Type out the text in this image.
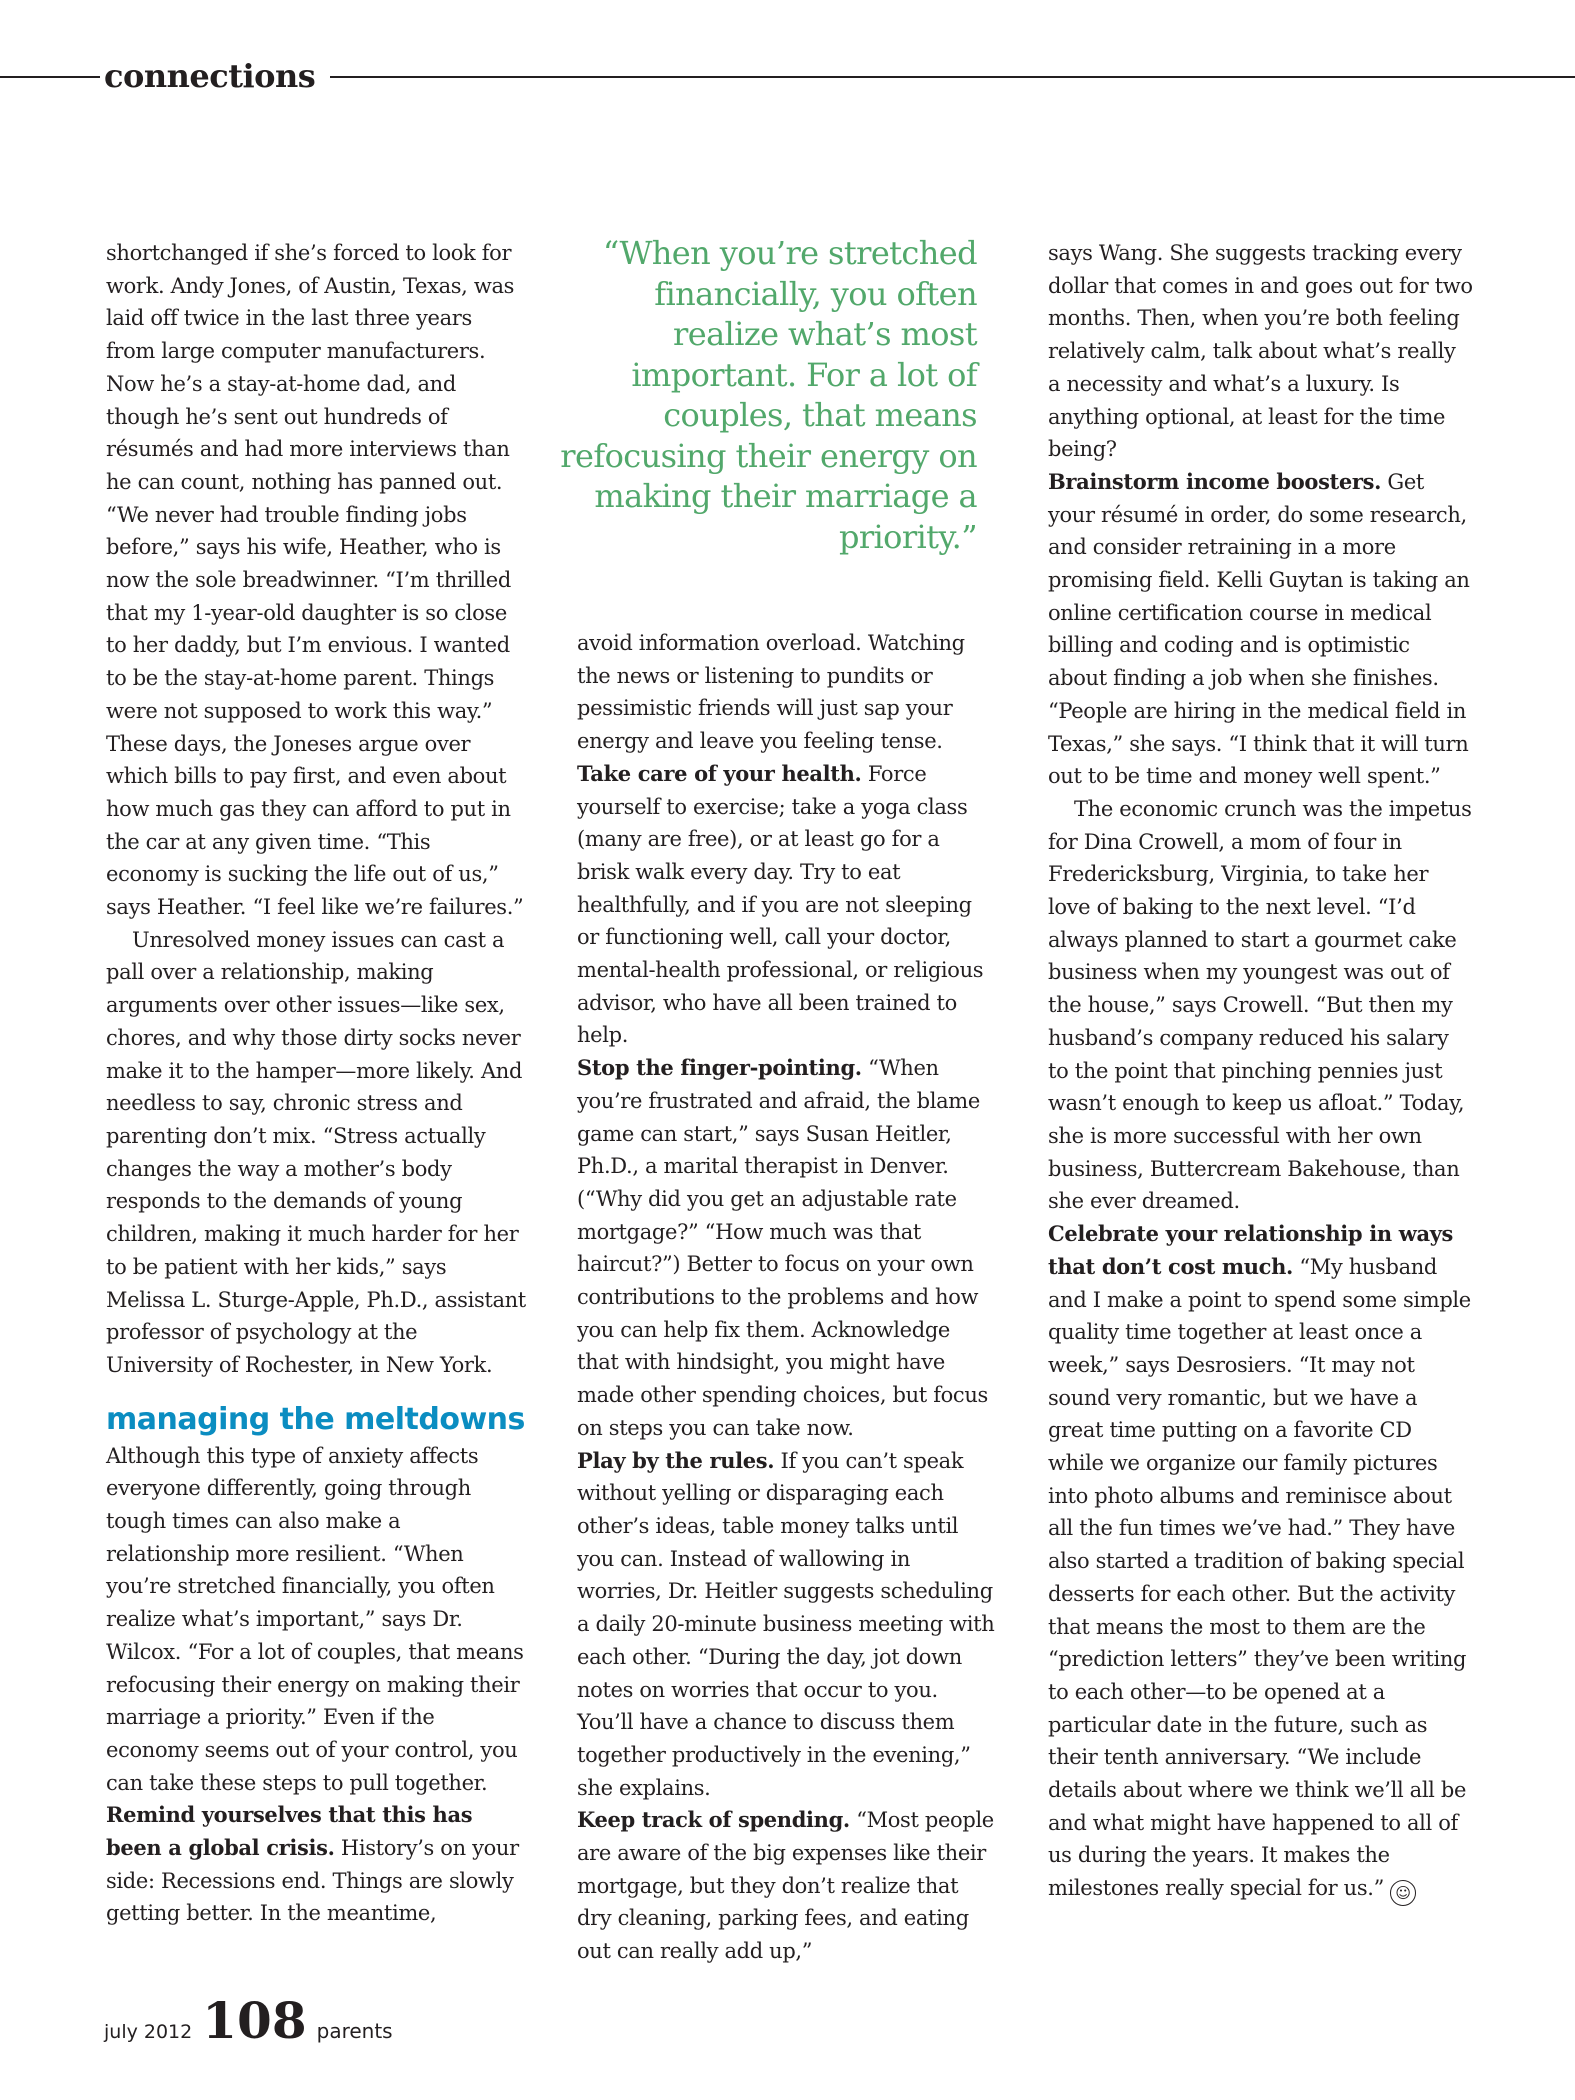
connections

shortchanged if she’s forced to look for work. Andy Jones, of Austin, Texas, was laid off twice in the last three years from large computer manufacturers. Now he’s a stay-at-home dad, and though he’s sent out hundreds of résumés and had more interviews than he can count, nothing has panned out. “We never had trouble finding jobs before,” says his wife, Heather, who is now the sole breadwinner. “I’m thrilled that my 1-year-old daughter is so close to her daddy, but I’m envious. I wanted to be the stay-at-home parent. Things were not supposed to work this way.” These days, the Joneses argue over which bills to pay first, and even about how much gas they can afford to put in the car at any given time. “This economy is sucking the life out of us,” says Heather. “I feel like we’re failures.”

Unresolved money issues can cast a pall over a relationship, making arguments over other issues—like sex, chores, and why those dirty socks never make it to the hamper—more likely. And needless to say, chronic stress and parenting don’t mix. “Stress actually changes the way a mother’s body responds to the demands of young children, making it much harder for her to be patient with her kids,” says Melissa L. Sturge-Apple, Ph.D., assistant professor of psychology at the University of Rochester, in New York.

managing the meltdowns

Although this type of anxiety affects everyone differently, going through tough times can also make a relationship more resilient. “When you’re stretched financially, you often realize what’s important,” says Dr. Wilcox. “For a lot of couples, that means refocusing their energy on making their marriage a priority.” Even if the economy seems out of your control, you can take these steps to pull together.

Remind yourselves that this has been a global crisis. History’s on your side: Recessions end. Things are slowly getting better. In the meantime,

“When you’re stretched financially, you often realize what’s most important. For a lot of couples, that means refocusing their energy on making their marriage a priority.”

avoid information overload. Watching the news or listening to pundits or pessimistic friends will just sap your energy and leave you feeling tense.

Take care of your health. Force yourself to exercise; take a yoga class (many are free), or at least go for a brisk walk every day. Try to eat healthfully, and if you are not sleeping or functioning well, call your doctor, mental-health professional, or religious advisor, who have all been trained to help.

Stop the finger-pointing. “When you’re frustrated and afraid, the blame game can start,” says Susan Heitler, Ph.D., a marital therapist in Denver. (“Why did you get an adjustable rate mortgage?” “How much was that haircut?”) Better to focus on your own contributions to the problems and how you can help fix them. Acknowledge that with hindsight, you might have made other spending choices, but focus on steps you can take now.

Play by the rules. If you can’t speak without yelling or disparaging each other’s ideas, table money talks until you can. Instead of wallowing in worries, Dr. Heitler suggests scheduling a daily 20-minute business meeting with each other. “During the day, jot down notes on worries that occur to you. You’ll have a chance to discuss them together productively in the evening,” she explains.

Keep track of spending. “Most people are aware of the big expenses like their mortgage, but they don’t realize that dry cleaning, parking fees, and eating out can really add up,”

says Wang. She suggests tracking every dollar that comes in and goes out for two months. Then, when you’re both feeling relatively calm, talk about what’s really a necessity and what’s a luxury. Is anything optional, at least for the time being?

Brainstorm income boosters. Get your résumé in order, do some research, and consider retraining in a more promising field. Kelli Guytan is taking an online certification course in medical billing and coding and is optimistic about finding a job when she finishes. “People are hiring in the medical field in Texas,” she says. “I think that it will turn out to be time and money well spent.”

The economic crunch was the impetus for Dina Crowell, a mom of four in Fredericksburg, Virginia, to take her love of baking to the next level. “I’d always planned to start a gourmet cake business when my youngest was out of the house,” says Crowell. “But then my husband’s company reduced his salary to the point that pinching pennies just wasn’t enough to keep us afloat.” Today, she is more successful with her own business, Buttercream Bakehouse, than she ever dreamed.

Celebrate your relationship in ways that don’t cost much. “My husband and I make a point to spend some simple quality time together at least once a week,” says Desrosiers. “It may not sound very romantic, but we have a great time putting on a favorite CD while we organize our family pictures into photo albums and reminisce about all the fun times we’ve had.” They have also started a tradition of baking special desserts for each other. But the activity that means the most to them are the “prediction letters” they’ve been writing to each other—to be opened at a particular date in the future, such as their tenth anniversary. “We include details about where we think we’ll all be and what might have happened to all of us during the years. It makes the milestones really special for us.” ☺

july 2012 108 parents
